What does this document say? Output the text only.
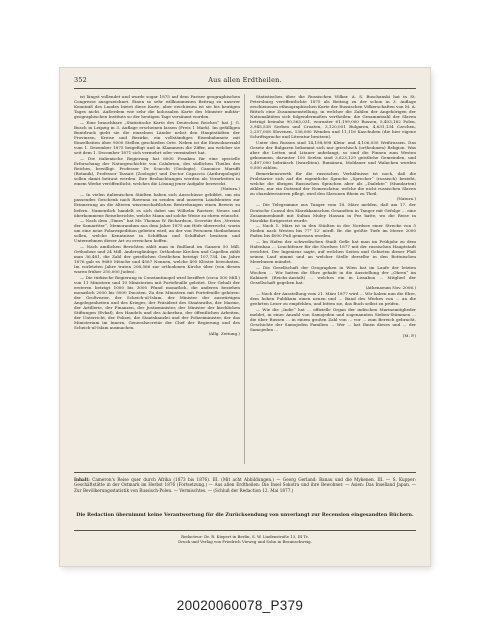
352	Aus allen Erdtheilen.

ist längst vollendet und wurde sogar 1875 auf dem Pariser geographischen Congresse ausgezeichnet. Einen so sehr willkommenen Beitrag zu unserer Kenntniß des Landes bietet diese Karte, aber erschienen ist sie bis heutigen Tages nicht. Außerdem wie sehr die kolossalen Karte des Minister militär-geographischen Instituts so der heutigen Tage versäumt worden.

— Eine brauchbare „Statistische Karte des Deutschen Reiches“ hat J. G. Busch in Leipzig in 3. Auflage erscheinen lassen (Preis 1 Mark). Im gefälligen Buntdruck giebt sie die einzelnen Länder nebst den Hauptstädten der Provinzen, Kreise und Bezirke, ein vollständiges Eisenbahnnetz mit Einzelheiten über 9000 Stellen geschieden Orte. Neben ist die Einwohnerzahl vom 1. Dezember 1875 beigefügt und in Klammern die Ziffer, am welcher sie seit dem 1. December 1871 sich vermehrt oder vermindert hat.

— Die italienische Regierung hat 6000 Franken für eine specielle Erforschung der Naturgeschichte von Calabrien, des südlichen Theiles des Reiches, bewilligt. Professor Dr. Scacchi (Geologie), Canonico Maruffi (Botanik), Professor Tassari (Zoologie) und Doctor Capaccio (Anthropologie) sollen damit betraut werden. Ihre Beobachtungen werden als Vorarbeiten in einem Werke veröffentlicht, welches die Lösung jener Aufgabe bezweckt.

(Natura.)

— In vielen italienischen Städten haben sich Ausschüsse gebildet, um ein passendes Geschenk nach Ravenna zu senden und unseren Landsleuten zur Erinnerung an die älteren wissenschaftlichen Bestrebungen einen Beweis zu liefern. Namentlich handelt es sich dabei um Wilhelm Raetzer, Neues und überkommene Reiseberichte, welche Mann auf solche Weise zu ehren wünscht.

— Nach dem „Times“ hat Mr. Thomas W. Richardson, Secretär des „Vereins der Samaritter“, Memorandum aus dem Jahre 1875 am Hofe überreicht, worin um eine neue Polarexpedition gebeten wird, an der von Personen theilnehmen sollen, welche Kenntnisse in Schiffbau und Schiffahrt besitzen und Unternehmen dieser Art zu erreichen hoffen.

— Nach amtlichen Berichten zählt man in Rußland im Ganzen 50 Mill. Orthodoxe und 24 Mill. Andersgläubige. Orthodoxe Kirchen und Capellen zählt man 36,481, die Zahl der geistlichen Gestlichen beträgt 107,734. Im Jahre 1876 gab es 9680 Mönche und 4567 Nonnen, welche 495 Klöster bewohnten. Im vorletzten Jahre traten 208,566 zur orthodoxen Kirche über (von diesen waren früher 250,000 Juden).

— Die türkische Regierung in Constantinopel wird beziffert (circa 500 Mill.) von 11 Ministern und 10 Ministerien mit Portefeuille geleitet. Der Gehalt der ersteren beträgt 1000 bis 3000 Pfund monatlich, die anderen beziehen monatlich 2000 bis 5000 Ducaten. Zu den Ministern mit Portefeuille gehören: der Großvezier, der Scheich-ul-Islam, der Minister der auswärtigen Angelegenheiten und des Krieges, der Präsident des Staatsraths, der Marine, der Artillerie, der Finanzen, der Justizminister, der Minister der kirchlichen Stiftungen (Evkaf), des Handels und des Ackerbau, der öffentlichen Arbeiten, der Unterricht, der Polizei, die Staatskanzlei und der Polizeiminister, der das Ministerium im Innern, Generalsecretär der Chef der Regierung und des Scheich-ul-Islam ausmachen.

(Allg. Zeitung.)

Statistisches über die Russischen Völker. A. S. Buschanski hat in St. Petersburg veröffentlichte 1875 als Beitrag zu der schon in 3. Auflage erschienenen ethnographischen Karte der Russischen Völkerschaften von M. A. Rittich eine Zusammenstellung, in welcher die Zahlen der Angehörigen der Nationalitäten sich folgendermaßen vertheilen: die Gesammtzahl der Slaven beträgt beinahe 90,565,031, worunter 61,199,000 Russen, 5,403,162 Polen, 3,945,538 Serben und Croaten, 3,120,051 Bulgaren, 4,631,134 Czechen, 2,257,008 Slovenen, 136,000 Wenden und 11,116 Kaschuben (die hier eigene Schriftsprache und Literatur besitzen).

Unter den Russen sind 14,198,898 Klein- und 4,106,030 Weißrussen. Das Gesetz der Bulgaren bekommt sich nur griechisch (orthodoxen) Religion. Was aber die Letten und Litauer anbelangt, so sind die Finnen zum Westen gekommen, darunter 100 Seelen sind 3,623,129 geistliche Gemeinden, und 2,497,000 hebräisch (Israeliten). Rumänen, Moldauer und Walachen werden 9,500 zählen.

Bemerkenswerth für die russischen Verhältnisse ist noch, daß die Proletarier sich auf die eigentliche Sprache „Sprecher“ (russisch) bezieht, welche die übrigen Russischen Sprachen aber als „Dialekte“ (Mundarten) zählen, nur ein Dutzend der Nomenclatur, welche die nicht russischen Slaven zu charakterisieren pflegt, wird den Slavonen Rhein zu Theil.

(Natura.)

— Die Telegramme aus Tanger vom 18. März melden, daß am 17. der Deutsche Consul des Marokkanischen Gesandten in Tanger mit Gefolge ... eine Zusammenkunft mit Sultan Muley Hassan in Fez hatte, wo die Reise in Marokko fortgesetzt wurde.

— Nach 1. März ist in den Städten in der Nordsee einer Strecke von 5 Meilen nach Westen bis 77° 12' nördl. Br. die größte Tiefe im Meere 2000 Faden bis 4000 Fuß gemessen worden.

— Im Hafen der schwedischen Stadt Gefle hat man im Frühjahr zu dem Hafenbau ... Leuchtfeuer für die Nordsee 1877 mit der russischen Hauptstadt errichtet. Der Ingenieur sagte, auf welchen Seiten und Gebieten dieser Fluß seinen Lauf nimmt und an welcher Stelle derselbe in den Bottnischen Meerbusen mündet.

— Die Gesellschaft der Geographen in Wien hat im Laufe der letzten Wochen ... Wir hatten die Ehre gehabt in die Ausstellung der „Ohren“ im Kabinett (Reichs-Anstalt) ... welches ein in Lissabon ... Mitglied der Gesellschaft gegeben hat.

(Athenaeum Nov. 2006.)

— Nach der Ausstellung vom 21. März 1877 wird ... Wir haben nun die Ehre, dem hohen Publikum einen neuen und ... Band des Werkes von ... an die geehrten Leser zu empfehlen, und bitten sie, das Buch selbst zu prüfen.

— Wie die „Indie“ hat ... offizielle Organ der indischen Marinemitglieder meldet, in einer Anzahl von Samojeden und sogenannten Sieben-Stämmen ... die über Russen ... in einem großen Zahl von ... vor ... zum Bereich gebracht, Geschichte der Samojeden Familien ... Wer ... hat Ihnen dieses und ... der Samojeden ...

(M. P.)

Inhalt: Cameron's Reise quer durch Afrika (1873 bis 1876). III. (Mit acht Abbildungen.) — Georg Gerland: Banau und die Mykenen. III. — S. Kupper: Geschäftstätte in der Ostmark im Herbst 1876 (Fortsetzung.) — Aus allen Erdtheilen: Die Insel Sokotra und ihre Bewohner. — Asien: Das Inselland Japan. — Zur Bevölkerungsstatistik von Russisch-Polen. — Vermischtes. — (Schluß der Redaction 12. Mai 1877.)
Die Redaction übernimmt keine Verantwortung für die Zurücksendung von unverlangt zur Recension eingesandten Büchern.
Redacteur: Dr. R. Kiepert in Berlin, S. W. Lindenstraße 13, III Tr.
Druck und Verlag von Friedrich Vieweg und Sohn in Braunschweig.
20020060078_P379
